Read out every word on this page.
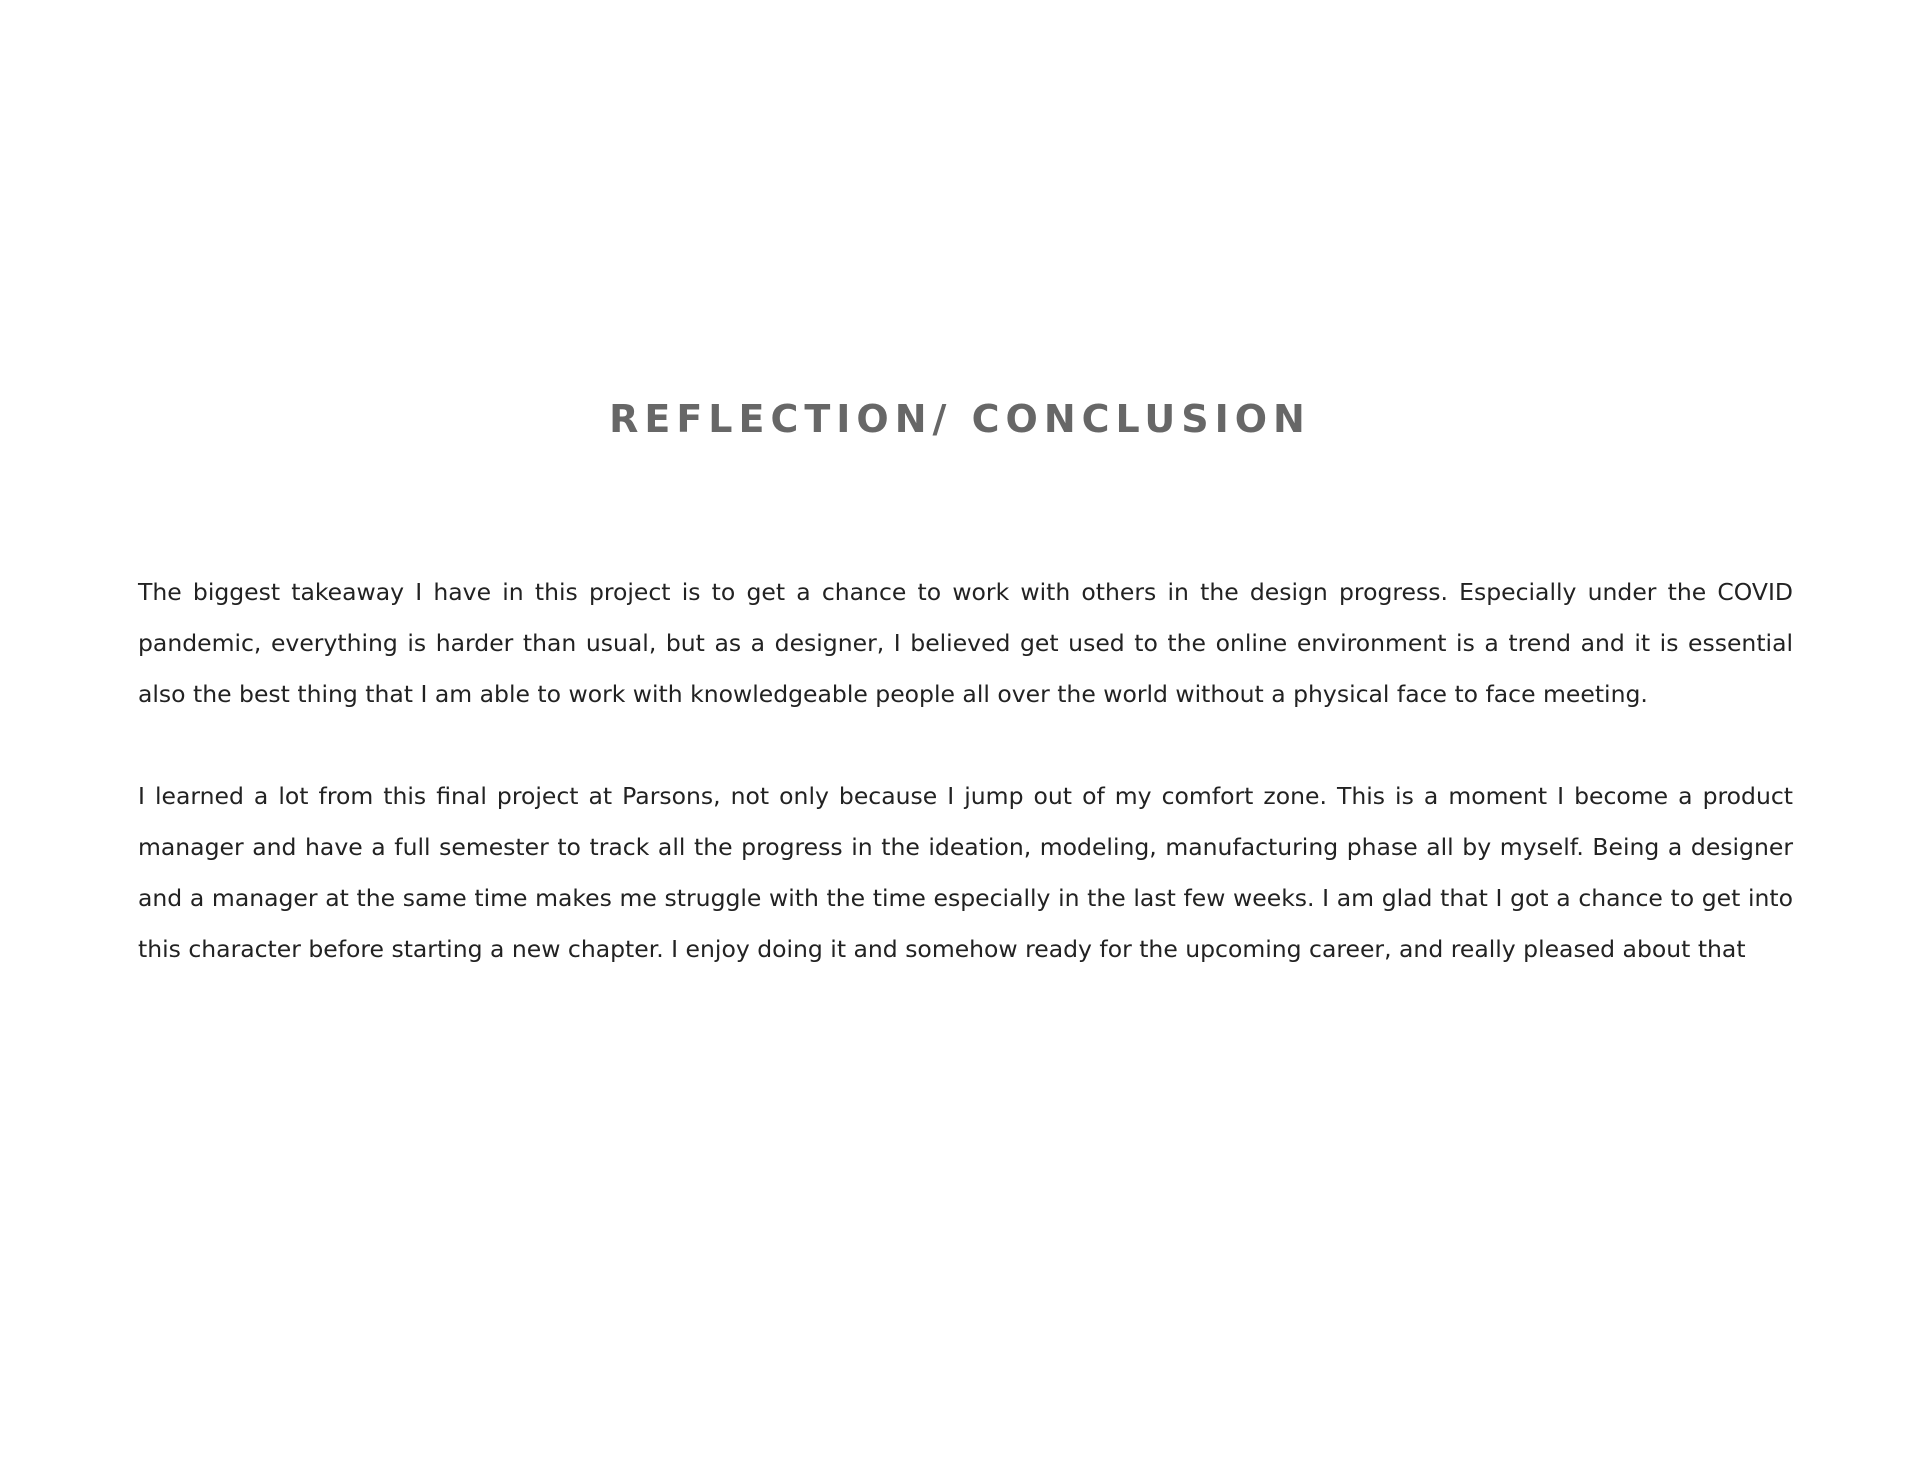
REFLECTION/ CONCLUSION

The biggest takeaway I have in this project is to get a chance to work with others in the design progress. Especially under the COVID pandemic, everything is harder than usual, but as a designer, I believed get used to the online environment is a trend and it is essential also the best thing that I am able to work with knowledgeable people all over the world without a physical face to face meeting.

I learned a lot from this final project at Parsons, not only because I jump out of my comfort zone. This is a moment I become a product manager and have a full semester to track all the progress in the ideation, modeling, manufacturing phase all by myself. Being a designer and a manager at the same time makes me struggle with the time especially in the last few weeks. I am glad that I got a chance to get into this character before starting a new chapter. I enjoy doing it and somehow ready for the upcoming career, and really pleased about that
